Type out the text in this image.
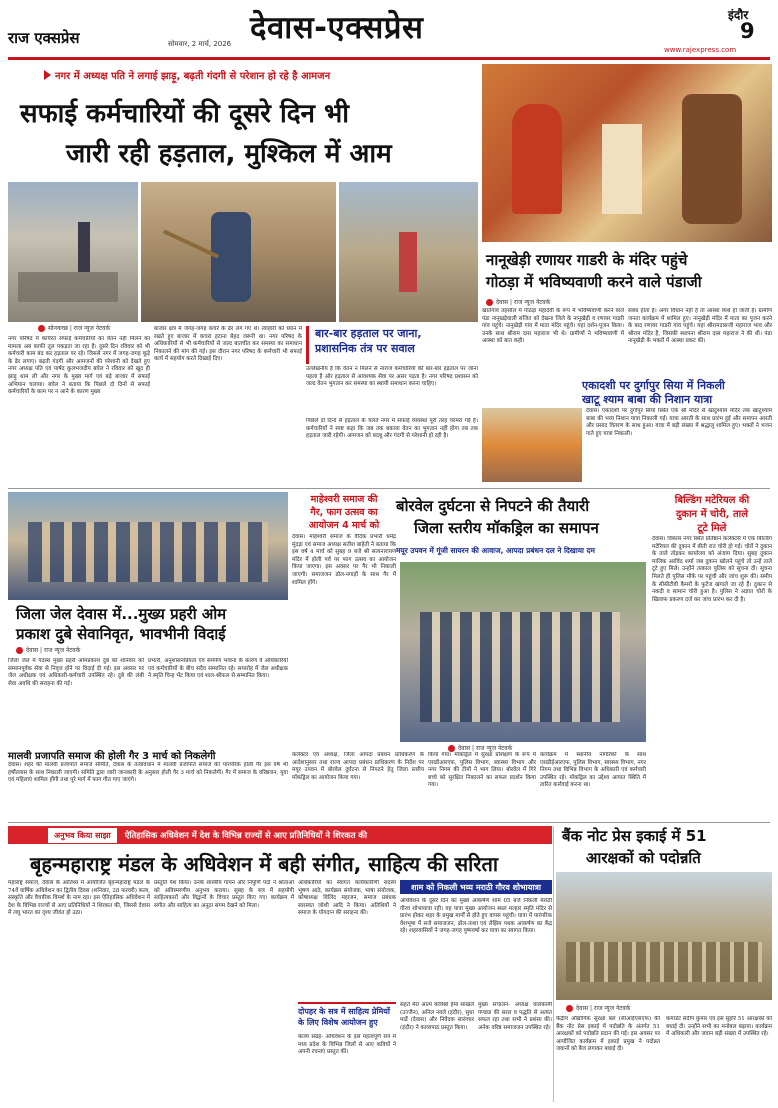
राज एक्सप्रेस	सोमवार, 2 मार्च, 2026 देवास-एक्सप्रेस	इंदौर
9
www.rajexpress.com
नगर में अध्यक्ष पति ने लगाई झाड़ू, बढ़ती गंदगी से परेशान हो रहे है आमजन
सफाई कर्मचारियों की दूसरे दिन भी
जारी रही हड़ताल, मुश्किल में आम
सोनकच्छ | राज न्यूज नेटवर्क
नगर परिषद में कार्यरत सफाई कर्मचारियों का वेतन नहीं मिलने का मामला अब काफी तूल पकड़ता जा रहा है। दूसरे दिन रविवार को भी कर्मचारी काम बंद कर हड़ताल पर रहे। जिससे नगर में जगह-जगह कूड़े के ढेर लगाए। बढ़ती गंदगी और आमजनों की परेशानी को देखते हुए नगर अध्यक्ष पति एवं पार्षद कुलभजदीप बघेल ने रविवार को खुद ही झाड़ू थाम ली और नगर के मुख्य मार्ग एवं बड़े बाजार में सफाई अभियान चलाया। बघेल ने बताया कि पिछले दो दिनों से सफाई कर्मचारियों के काम पर न आने के कारण मुख्य
बाजार क्षेत्र में जगह-जगह कचरे के ढेर लग गए थे। त्योहारी को ध्यान में रखते हुए बाजार में कचरा हटाना बेहद जरूरी था। नगर परिषद के अधिकारियों से भी कर्मचारियों से जल्द बातचीत कर समस्या का समाधान निकालने की मांग की गई। इस दौरान नगर परिषद के कर्मचारी भी सफाई कार्य में सहयोग करते दिखाई दिए।
बार-बार हड़ताल पर जाना,
प्रशासनिक तंत्र पर सवाल
उल्लेखनीय है कि वेतन न मिलने से नाराज कर्मचारियों की बार-बार हड़ताल पर जाना पहला है ओर हड़ताल से आवश्यक सेवा पर असर पड़ता है। नगर परिषद प्रशासन को जल्द वेतन भुगतान कर समस्या का स्थायी समाधान करना चाहिए।
पिछले दो दिनों से हड़ताल के चलते नगर में सफाई व्यवस्था पूरी तरह चरमरा गई है। कर्मचारियों ने स्पष्ट कहा कि जब तक बकाया वेतन का भुगतान नहीं होगा तब तक हड़ताल जारी रहेगी। आमजन को बदबू और गंदगी से परेशानी हो रही है।
नानूखेड़ी रणायर गाडरी के मंदिर पहुंचे
गोठड़ा में भविष्यवाणी करने वाले पंडाजी
देवास | राज न्यूज नेटवर्क
खातेगांव तहसील में गोठड़ा महादेवी के रूप में भविष्यवाणी करने वाले पंडा नानूखड़ेवाली संजित को देखना जिले के नानूखेड़ी व रणायर गाडरी गांव पहुंचे। नानूखेड़ी गांव में माता मंदिर पहुंचे। यहां दर्शन-पूजन किया। उनके साथ श्रीराम दास महाराज भी थे। ग्रामीणों ने भविष्यवाणी में आस्था को बात कही।
संबंध होता है। अगर विधान नहीं है तो आस्था व्यर्थ हो जाती है। ग्रामीण जनता कार्यक्रम में शामिल हुए। नानूखेड़ी मंदिर में माता का पूजन करने के बाद रणायर गाडरी गांव पहुंचे। यहां श्रीरामदासजी महाराज भाव और श्रीराम मंदिर है, जिसकी स्थापना श्रीराम दास महाराज ने की थी। पंडा नानूखेड़ी के भक्तों में आस्था प्रकट की।
एकादशी पर दुर्गापुर सिया में निकली
खाटू श्याम बाबा की निशान यात्रा
देवास। एकादशी पर दुर्गापुर सिया स्थित एक श्री मंदिर से खाटूश्याम मंदिर तक खाटूश्याम बाबा की भव्य निशान यात्रा निकाली गई। यात्रा आरती के साथ प्रारंभ हुई और समापन आरती और प्रसाद वितरण के साथ हुआ। यात्रा में बड़ी संख्या में श्रद्धालु शामिल हुए। भक्तों ने भजन गाते हुए यात्रा निकाली।
जिला जेल देवास में...मुख्य प्रहरी ओम
प्रकाश दुबे सेवानिवृत, भावभीनी विदाई
देवास | राज न्यूज नेटवर्क
जिला जेल में पदस्थ मुख्य प्रहरी ओमप्रकाश दुबे को शनिवार को सम्मानपूर्वक सेवा से निवृत्त होने पर विदाई दी गई। इस अवसर पर जेल अधीक्षक एवं अधिकारी-कर्मचारी उपस्थित रहे। दुबे की लंबी सेवा अवधि की सराहना की गई।
प्रभारी, अनुशासनप्रियता एवं समर्पण भावना के कारण वे अधिकारियों एवं कर्मचारियों के बीच सदैव सम्मानित रहे। समारोह में जेल अधीक्षक ने स्मृति चिन्ह भेंट किया एवं शाल-श्रीफल से सम्मानित किया।
माहेश्वरी समाज की
गैर, फाग उत्सव का
आयोजन 4 मार्च को
देवास। माहेश्वरी समाज के वैदिक प्रभारी धर्मेंद्र मूंदड़ा एवं समाज अध्यक्ष सतीश बाहेती ने बताया कि इस वर्ष 4 मार्च को सुबह 9 बजे श्री सत्यनारायण मंदिर में होली पर्व पर फाग उत्सव का आयोजन किया जाएगा। इस अवसर पर गैर भी निकाली जाएगी। समाजजन ढोल-नगाड़ों के साथ गैर में शामिल होंगे।
बोरवेल दुर्घटना से निपटने की तैयारी
जिला स्तरीय मॉकड्रिल का समापन
मयूर उपवन में गूंजी सायरन की आवाज, आपदा प्रबंधन दल ने दिखाया दम
देवास | राज न्यूज नेटवर्क
कलेक्टर एवं अध्यक्ष, जिला आपदा प्रबंधन प्राधिकरण के आदेशानुसार तथा राज्य आपदा प्रबंधन प्राधिकरण के निर्देश पर मयूर उपवन में बोरवेल दुर्घटना से निपटने हेतु जिला स्तरीय मॉकड्रिल का आयोजन किया गया।
किया गया। मॉकड्रिल में सुरक्षा प्रशिक्षण के रूप में एसडीआरएफ, पुलिस विभाग, स्वास्थ्य विभाग और नगर निगम की टीमों ने भाग लिया। बोरवेल में गिरे बच्चे को सुरक्षित निकालने का सफल प्रदर्शन किया गया।
कार्यक्रम में स्थानीय नागरिकों के साथ एसडीईआरएफ, पुलिस विभाग, स्वास्थ्य विभाग, नगर निगम तथा विभिन्न विभाग के अधिकारी एवं कर्मचारी उपस्थित रहे। मॉकड्रिल का उद्देश्य आपात स्थिति में त्वरित कार्रवाई करना था।
बिल्डिंग मटेरियल की
दुकान में चोरी, ताले
टूटे मिले
देवास। विकास नगर स्थित प्रतिष्ठान कलेक्टर्स में एक बिल्डिंग मटेरियल की दुकान में बीती रात चोरी हो गई। चोरों ने दुकान के ताले तोड़कर कार्यालय को अंजाम दिया। सुबह दुकान मालिक अरविंद शर्मा जब दुकान खोलने पहुंचे तो उन्हें ताले टूटे हुए मिले। उन्होंने तत्काल पुलिस को सूचना दी। सूचना मिलते ही पुलिस मौके पर पहुंची और जांच शुरू की। समीप के सीसीटीवी कैमरों के फुटेज खंगाले जा रहे हैं। दुकान से नकदी व सामान चोरी हुआ है। पुलिस ने अज्ञात चोरों के खिलाफ प्रकरण दर्ज कर जांच प्रारंभ कर दी है।
मालवी प्रजापति समाज की होली गैर 3 मार्च को निकलेगी
देवास। शहर की मालवी प्रजापति समाज समिति, देवास के तत्वावधान में मालवी प्रजापति समाज की पारंपरिक होली गैर इस वर्ष भी हर्षोल्लास के साथ निकाली जाएगी। समिति द्वारा जारी जानकारी के अनुसार होली गैर 3 मार्च को निकलेगी। गैर में समाज के वरिष्ठजन, युवा एवं महिलाएं शामिल होंगी तथा पूरे मार्ग में फाग गीत गाए जाएंगे।
अनुभव किया साझा	ऐतिहासिक अधिवेशन में देश के विभिन्न राज्यों से आए प्रतिनिधियों ने शिरकत की
बृहन्महाराष्ट्र मंडल के अधिवेशन में बही संगीत, साहित्य की सरिता
महाराष्ट्र समाज, देवास के आतिथ्य में आयोजित बृहन्महाराष्ट्र मंडल के 74वें वार्षिक अधिवेशन का द्वितीय दिवस (शनिवार, 28 फरवरी) कला, संस्कृति और वैचारिक विमर्श के नाम रहा। इस ऐतिहासिक अधिवेशन में देश के विभिन्न राज्यों से आए प्रतिनिधियों ने शिरकत की, जिससे देवास में लघु भारत का दृश्य जीवंत हो उठा।
प्रस्तुति पेश किया। उनके शास्त्रीय गायन और निपुणि पदों ने श्रोताओं को अविस्मरणीय अनुभव कराया। सुबह के सत्र में सहयोगी साहित्यकारों और विद्वानों के विचार प्रस्तुत किए गए। कार्यक्रम में संगीत और साहित्य का अनूठा संगम देखने को मिला।
अधिकारियों का स्वागत कार्यकारिणी सदस्य भूषण आठे, कार्यक्रम संयोजक, भाषा संयोजक, कोषाध्यक्ष विलिंद महाजन, समाज प्रबंधक सारस्वत जोशी आदि ने किया। अतिथियों ने समाज के योगदान की सराहना की।
दोपहर के सत्र में साहित्य प्रेमियों
के लिए विशेष आयोजन हुए
काव्य संग्रह- अधिवेशन के इस महत्वपूर्ण सत्र में मध्य प्रदेश के विभिन्न जिलों से आए कवियों ने अपनी रचनाएं प्रस्तुत कीं।
शाम को निकली भव्य मराठी गौरव शोभायात्रा
अधिवेशन के दूसरे दिन का मुख्य आकर्षण शाम 05 बजे निकली मराठी गौरव शोभायात्रा रही। यह यात्रा मुख्य आयोजन स्थल मल्हार स्मृति मंदिर से प्रारंभ होकर शहर के प्रमुख मार्गों से होते हुए वापस पहुंची। यात्रा में पारंपरिक वेशभूषा में सजे समाजजन, ढोल-ताशा एवं लेझिम पथक आकर्षण का केंद्र रहे। शहरवासियों ने जगह-जगह पुष्पवर्षा कर यात्रा का स्वागत किया।
सहते मेरा आत्म कविश्री हेमा सांखले (उज्जैन), अनिल नवले (इंदौर), सुधा मार्डे (देवास) और निवेदक सारंगधर (इंदौर) ने काव्यपाठ प्रस्तुत किया।
मुख्य संचालन- अध्यक्ष वालकामी पण्ड्या की सरल व पद्धति से अत्यंत सफल रहा तथा सभी ने प्रशंसा की। अनेक वरिष्ठ समाजजन उपस्थित रहे।
बैंक नोट प्रेस इकाई में 51
आरक्षकों को पदोन्नति
देवास | राज न्यूज नेटवर्क
केंद्रीय औद्योगिक सुरक्षा बल (सीआईएसएफ) की बैंक नोट प्रेस इकाई में पदोन्नति के अंतर्गत 51 आरक्षकों को पदोन्नति प्रदान की गई। इस अवसर पर आयोजित कार्यक्रम में इकाई प्रमुख ने पदोन्नत जवानों को बैज लगाकर बधाई दी।
कमांडेंट संदीप कुमार एवं इस सुहरि 51 आरक्षकों को बधाई दी। उन्होंने सभी का मनोबल बढ़ाया। कार्यक्रम में अधिकारी और जवान बड़ी संख्या में उपस्थित रहे।
